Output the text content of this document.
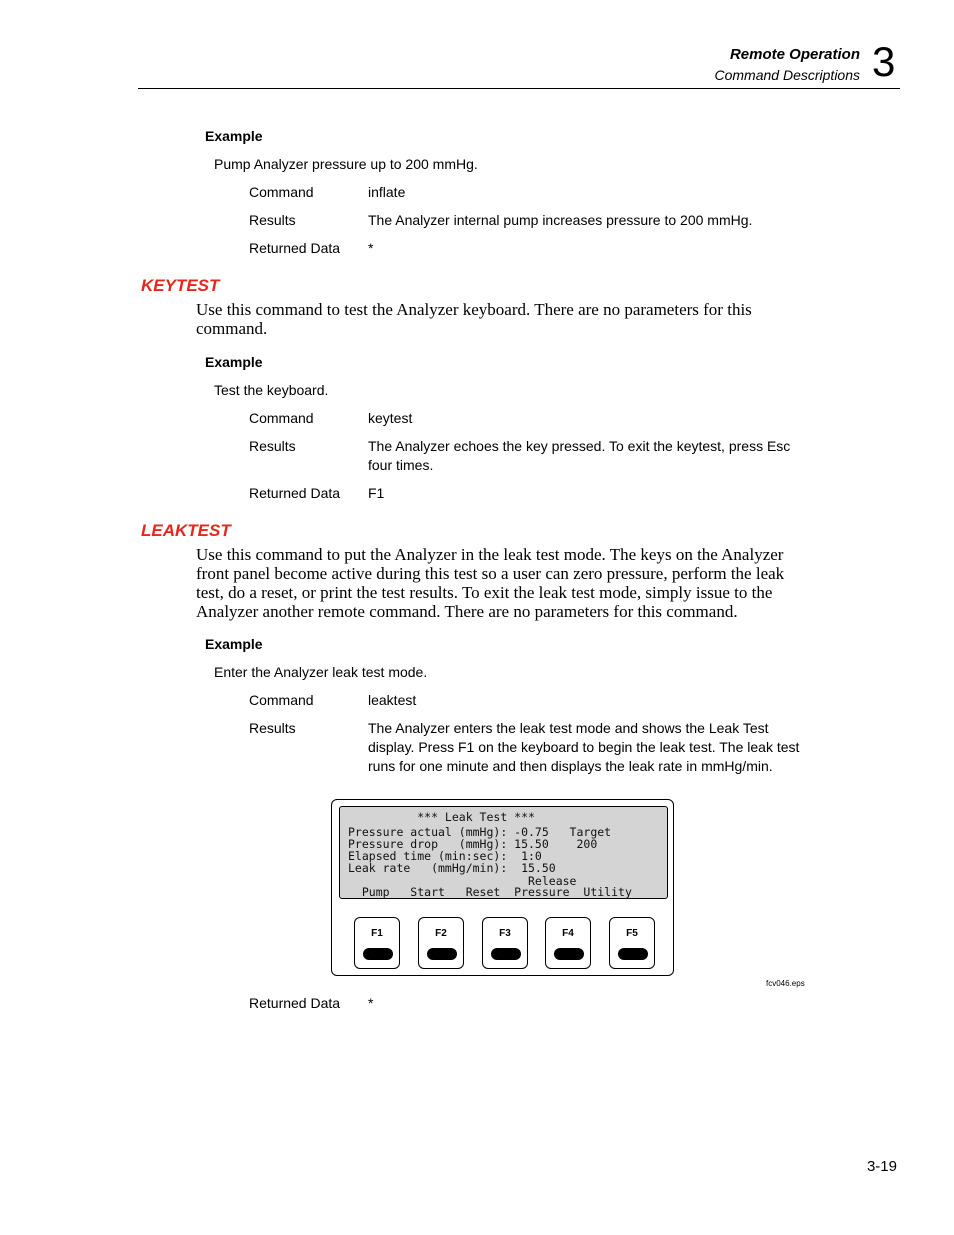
Remote Operation
Command Descriptions 3
Example
Pump Analyzer pressure up to 200 mmHg.
Command	inflate
Results	The Analyzer internal pump increases pressure to 200 mmHg.
Returned Data *
KEYTEST
Use this command to test the Analyzer keyboard. There are no parameters for this command.
Example
Test the keyboard.
Command	keytest
Results	The Analyzer echoes the key pressed. To exit the keytest, press Esc four times.
Returned Data F1
LEAKTEST
Use this command to put the Analyzer in the leak test mode. The keys on the Analyzer front panel become active during this test so a user can zero pressure, perform the leak test, do a reset, or print the test results. To exit the leak test mode, simply issue to the Analyzer another remote command. There are no parameters for this command.
Example
Enter the Analyzer leak test mode.
Command	leaktest
Results	The Analyzer enters the leak test mode and shows the Leak Test display. Press F1 on the keyboard to begin the leak test. The leak test runs for one minute and then displays the leak rate in mmHg/min.
*** Leak Test ***
Pressure actual (mmHg): -0.75   Target
Pressure drop   (mmHg): 15.50    200
Elapsed time (min:sec):  1:0
Leak rate   (mmHg/min):  15.50
Release
Pump   Start   Reset  Pressure  Utility
F1	F2	F3	F4	F5
fcv046.eps
Returned Data *
3-19
